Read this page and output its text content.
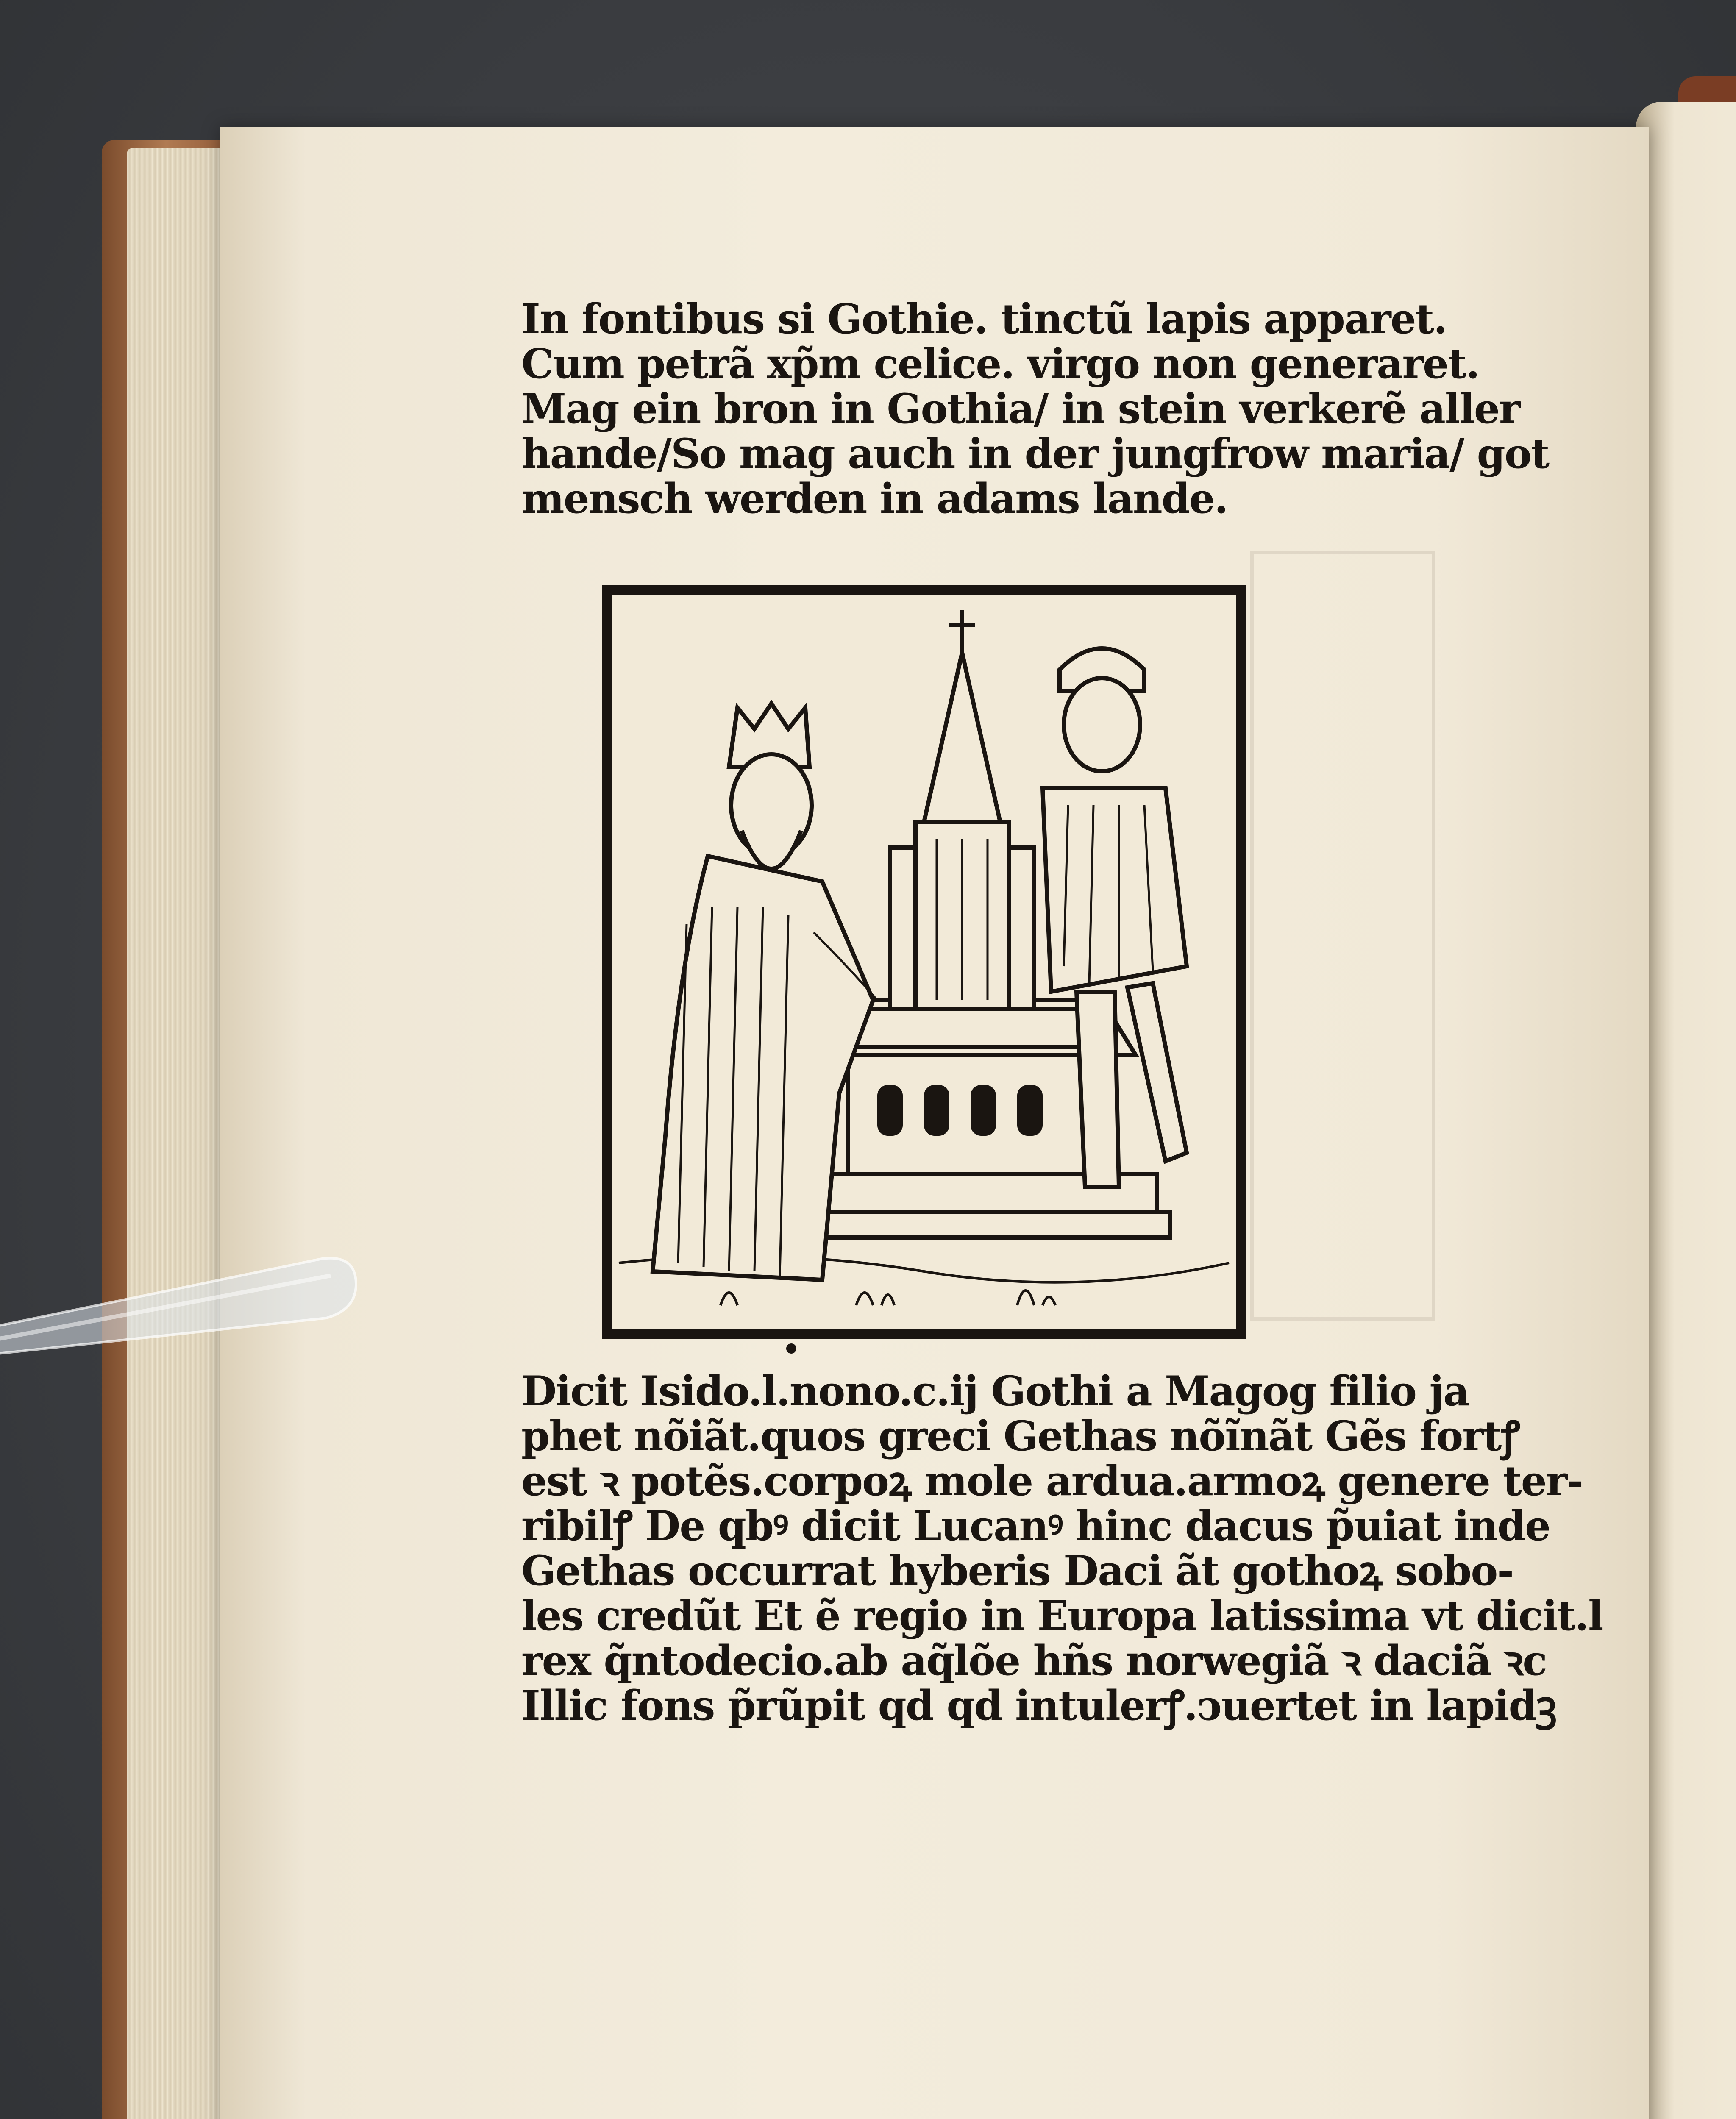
In fontibus si Gothie. tinctũ lapis apparet.
Cum petrã xp̃m celice. virgo non generaret.
Mag ein bron in Gothia/ in stein verkerẽ aller
hande/So mag auch in der jungfrow maria/ got
mensch werden in adams lande.
Dicit Isido.l.nono.c.ij Gothi a Magog filio ja
phet nõiãt.quos greci Gethas nõĩnãt Gẽs fortꝭ
est ꝛ potẽs.corpoꝝ mole ardua.armoꝝ genere ter-
ribilꝭ De qbꝰ dicit Lucanꝰ hinc dacus p̃uiat inde
Gethas occurrat hyberis Daci ãt gothoꝝ sobo-
les credũt Et ẽ regio in Europa latissima vt dicit.l
rex q̃ntodecio.ab aq̃lõe hñs norwegiã ꝛ daciã ꝛc
Illic fons p̃rũpit qd qd intulerꝭ.ↄuertet in lapidꝫ
